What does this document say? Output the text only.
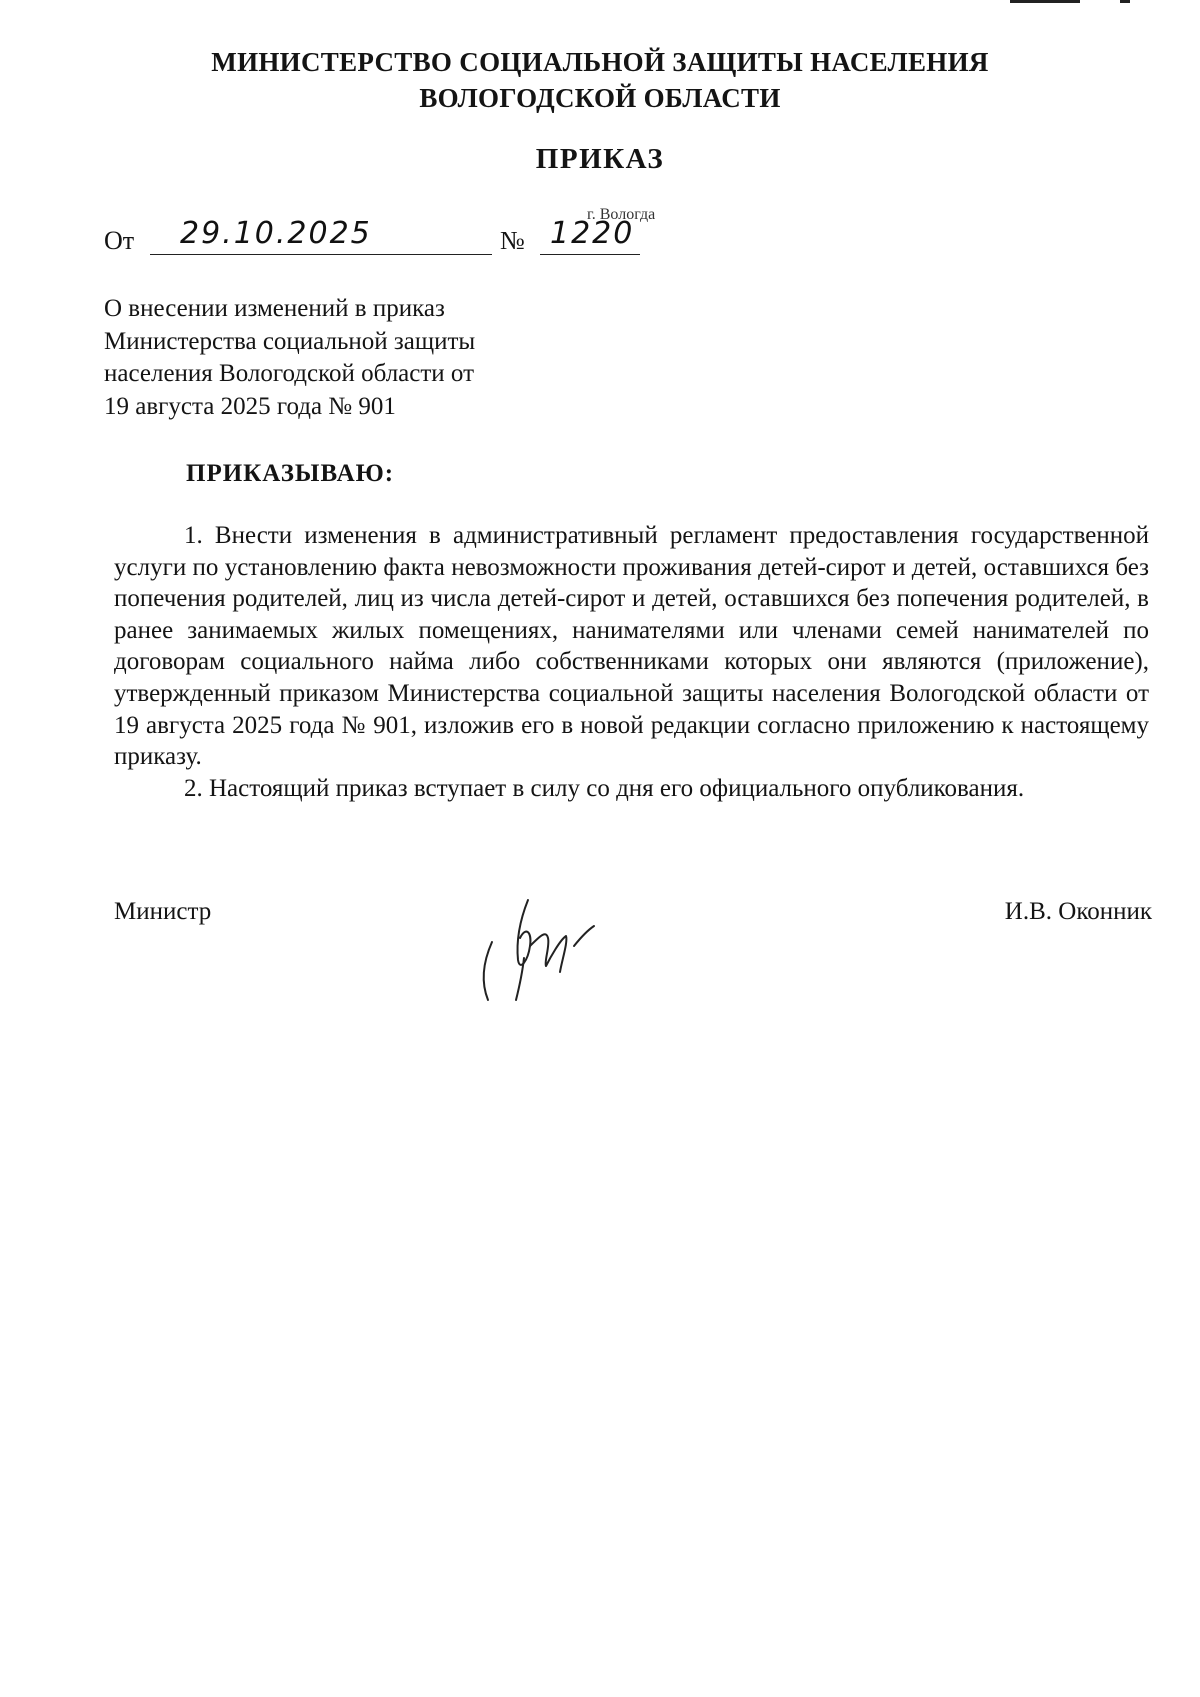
МИНИСТЕРСТВО СОЦИАЛЬНОЙ ЗАЩИТЫ НАСЕЛЕНИЯ
ВОЛОГОДСКОЙ ОБЛАСТИ
ПРИКАЗ
г. Вологда
От 29.10.2025	№ 1220
О внесении изменений в приказ
Министерства социальной защиты
населения Вологодской области от
19 августа 2025 года № 901
ПРИКАЗЫВАЮ:

1. Внести изменения в административный регламент предоставления государственной услуги по установлению факта невозможности проживания детей-сирот и детей, оставшихся без попечения родителей, лиц из числа детей-сирот и детей, оставшихся без попечения родителей, в ранее занимаемых жилых помещениях, нанимателями или членами семей нанимателей по договорам социального найма либо собственниками которых они являются (приложение), утвержденный приказом Министерства социальной защиты населения Вологодской области от 19 августа 2025 года № 901, изложив его в новой редакции согласно приложению к настоящему приказу.

2. Настоящий приказ вступает в силу со дня его официального опубликования.

Министр	И.В. Оконник
